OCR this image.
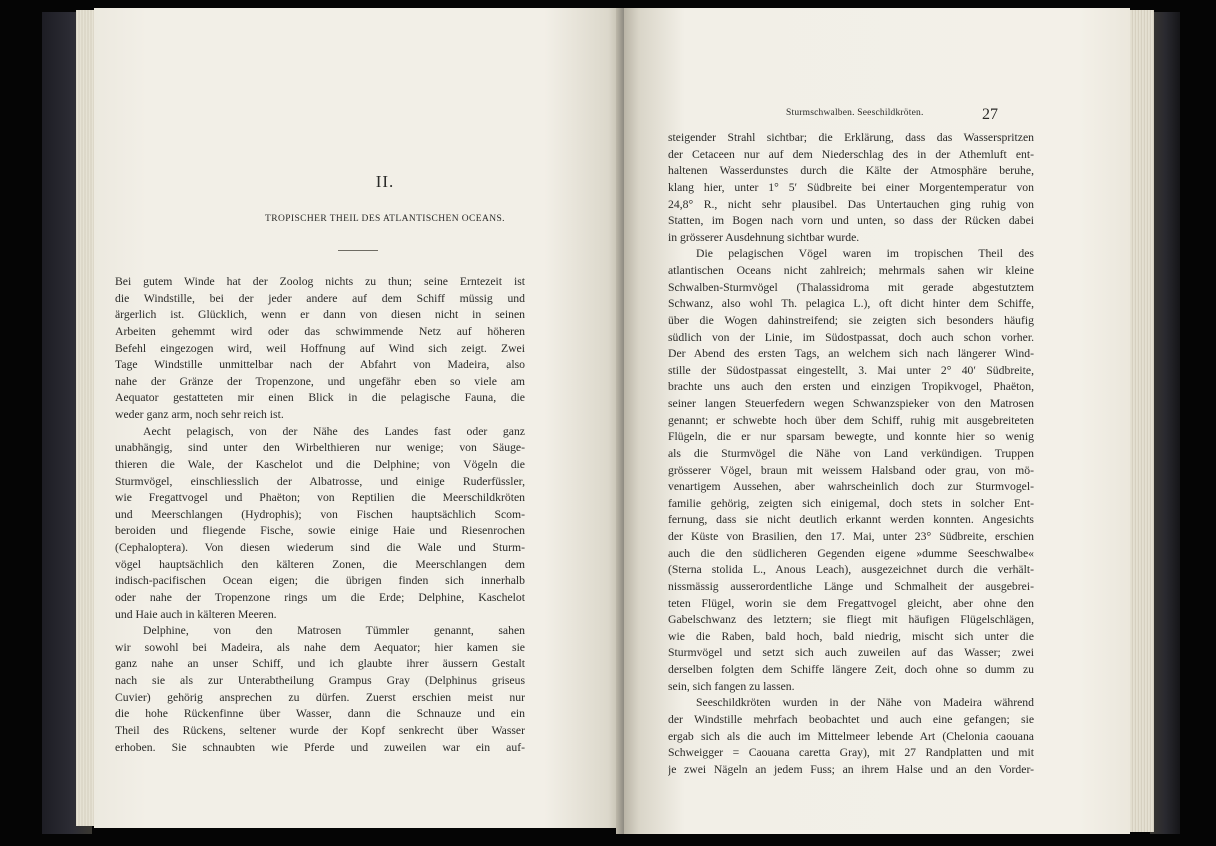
II.
TROPISCHER THEIL DES ATLANTISCHEN OCEANS.
Bei gutem Winde hat der Zoolog nichts zu thun; seine Erntezeit ist
die Windstille, bei der jeder andere auf dem Schiff müssig und
ärgerlich ist. Glücklich, wenn er dann von diesen nicht in seinen
Arbeiten gehemmt wird oder das schwimmende Netz auf höheren
Befehl eingezogen wird, weil Hoffnung auf Wind sich zeigt. Zwei
Tage Windstille unmittelbar nach der Abfahrt von Madeira, also
nahe der Gränze der Tropenzone, und ungefähr eben so viele am
Aequator gestatteten mir einen Blick in die pelagische Fauna, die
weder ganz arm, noch sehr reich ist.
Aecht pelagisch, von der Nähe des Landes fast oder ganz
unabhängig, sind unter den Wirbelthieren nur wenige; von Säuge-
thieren die Wale, der Kaschelot und die Delphine; von Vögeln die
Sturmvögel, einschliesslich der Albatrosse, und einige Ruderfüssler,
wie Fregattvogel und Phaëton; von Reptilien die Meerschildkröten
und Meerschlangen (Hydrophis); von Fischen hauptsächlich Scom-
beroiden und fliegende Fische, sowie einige Haie und Riesenrochen
(Cephaloptera). Von diesen wiederum sind die Wale und Sturm-
vögel hauptsächlich den kälteren Zonen, die Meerschlangen dem
indisch-pacifischen Ocean eigen; die übrigen finden sich innerhalb
oder nahe der Tropenzone rings um die Erde; Delphine, Kaschelot
und Haie auch in kälteren Meeren.
Delphine, von den Matrosen Tümmler genannt, sahen
wir sowohl bei Madeira, als nahe dem Aequator; hier kamen sie
ganz nahe an unser Schiff, und ich glaubte ihrer äussern Gestalt
nach sie als zur Unterabtheilung Grampus Gray (Delphinus griseus
Cuvier) gehörig ansprechen zu dürfen. Zuerst erschien meist nur
die hohe Rückenfinne über Wasser, dann die Schnauze und ein
Theil des Rückens, seltener wurde der Kopf senkrecht über Wasser
erhoben. Sie schnaubten wie Pferde und zuweilen war ein auf-
Sturmschwalben. Seeschildkröten.	27
steigender Strahl sichtbar; die Erklärung, dass das Wasserspritzen
der Cetaceen nur auf dem Niederschlag des in der Athemluft ent-
haltenen Wasserdunstes durch die Kälte der Atmosphäre beruhe,
klang hier, unter 1° 5′ Südbreite bei einer Morgentemperatur von
24,8° R., nicht sehr plausibel. Das Untertauchen ging ruhig von
Statten, im Bogen nach vorn und unten, so dass der Rücken dabei
in grösserer Ausdehnung sichtbar wurde.
Die pelagischen Vögel waren im tropischen Theil des
atlantischen Oceans nicht zahlreich; mehrmals sahen wir kleine
Schwalben-Sturmvögel (Thalassidroma mit gerade abgestutztem
Schwanz, also wohl Th. pelagica L.), oft dicht hinter dem Schiffe,
über die Wogen dahinstreifend; sie zeigten sich besonders häufig
südlich von der Linie, im Südostpassat, doch auch schon vorher.
Der Abend des ersten Tags, an welchem sich nach längerer Wind-
stille der Südostpassat eingestellt, 3. Mai unter 2° 40′ Südbreite,
brachte uns auch den ersten und einzigen Tropikvogel, Phaëton,
seiner langen Steuerfedern wegen Schwanzspieker von den Matrosen
genannt; er schwebte hoch über dem Schiff, ruhig mit ausgebreiteten
Flügeln, die er nur sparsam bewegte, und konnte hier so wenig
als die Sturmvögel die Nähe von Land verkündigen. Truppen
grösserer Vögel, braun mit weissem Halsband oder grau, von mö-
venartigem Aussehen, aber wahrscheinlich doch zur Sturmvogel-
familie gehörig, zeigten sich einigemal, doch stets in solcher Ent-
fernung, dass sie nicht deutlich erkannt werden konnten. Angesichts
der Küste von Brasilien, den 17. Mai, unter 23° Südbreite, erschien
auch die den südlicheren Gegenden eigene »dumme Seeschwalbe«
(Sterna stolida L., Anous Leach), ausgezeichnet durch die verhält-
nissmässig ausserordentliche Länge und Schmalheit der ausgebrei-
teten Flügel, worin sie dem Fregattvogel gleicht, aber ohne den
Gabelschwanz des letztern; sie fliegt mit häufigen Flügelschlägen,
wie die Raben, bald hoch, bald niedrig, mischt sich unter die
Sturmvögel und setzt sich auch zuweilen auf das Wasser; zwei
derselben folgten dem Schiffe längere Zeit, doch ohne so dumm zu
sein, sich fangen zu lassen.
Seeschildkröten wurden in der Nähe von Madeira während
der Windstille mehrfach beobachtet und auch eine gefangen; sie
ergab sich als die auch im Mittelmeer lebende Art (Chelonia caouana
Schweigger = Caouana caretta Gray), mit 27 Randplatten und mit
je zwei Nägeln an jedem Fuss; an ihrem Halse und an den Vorder-
